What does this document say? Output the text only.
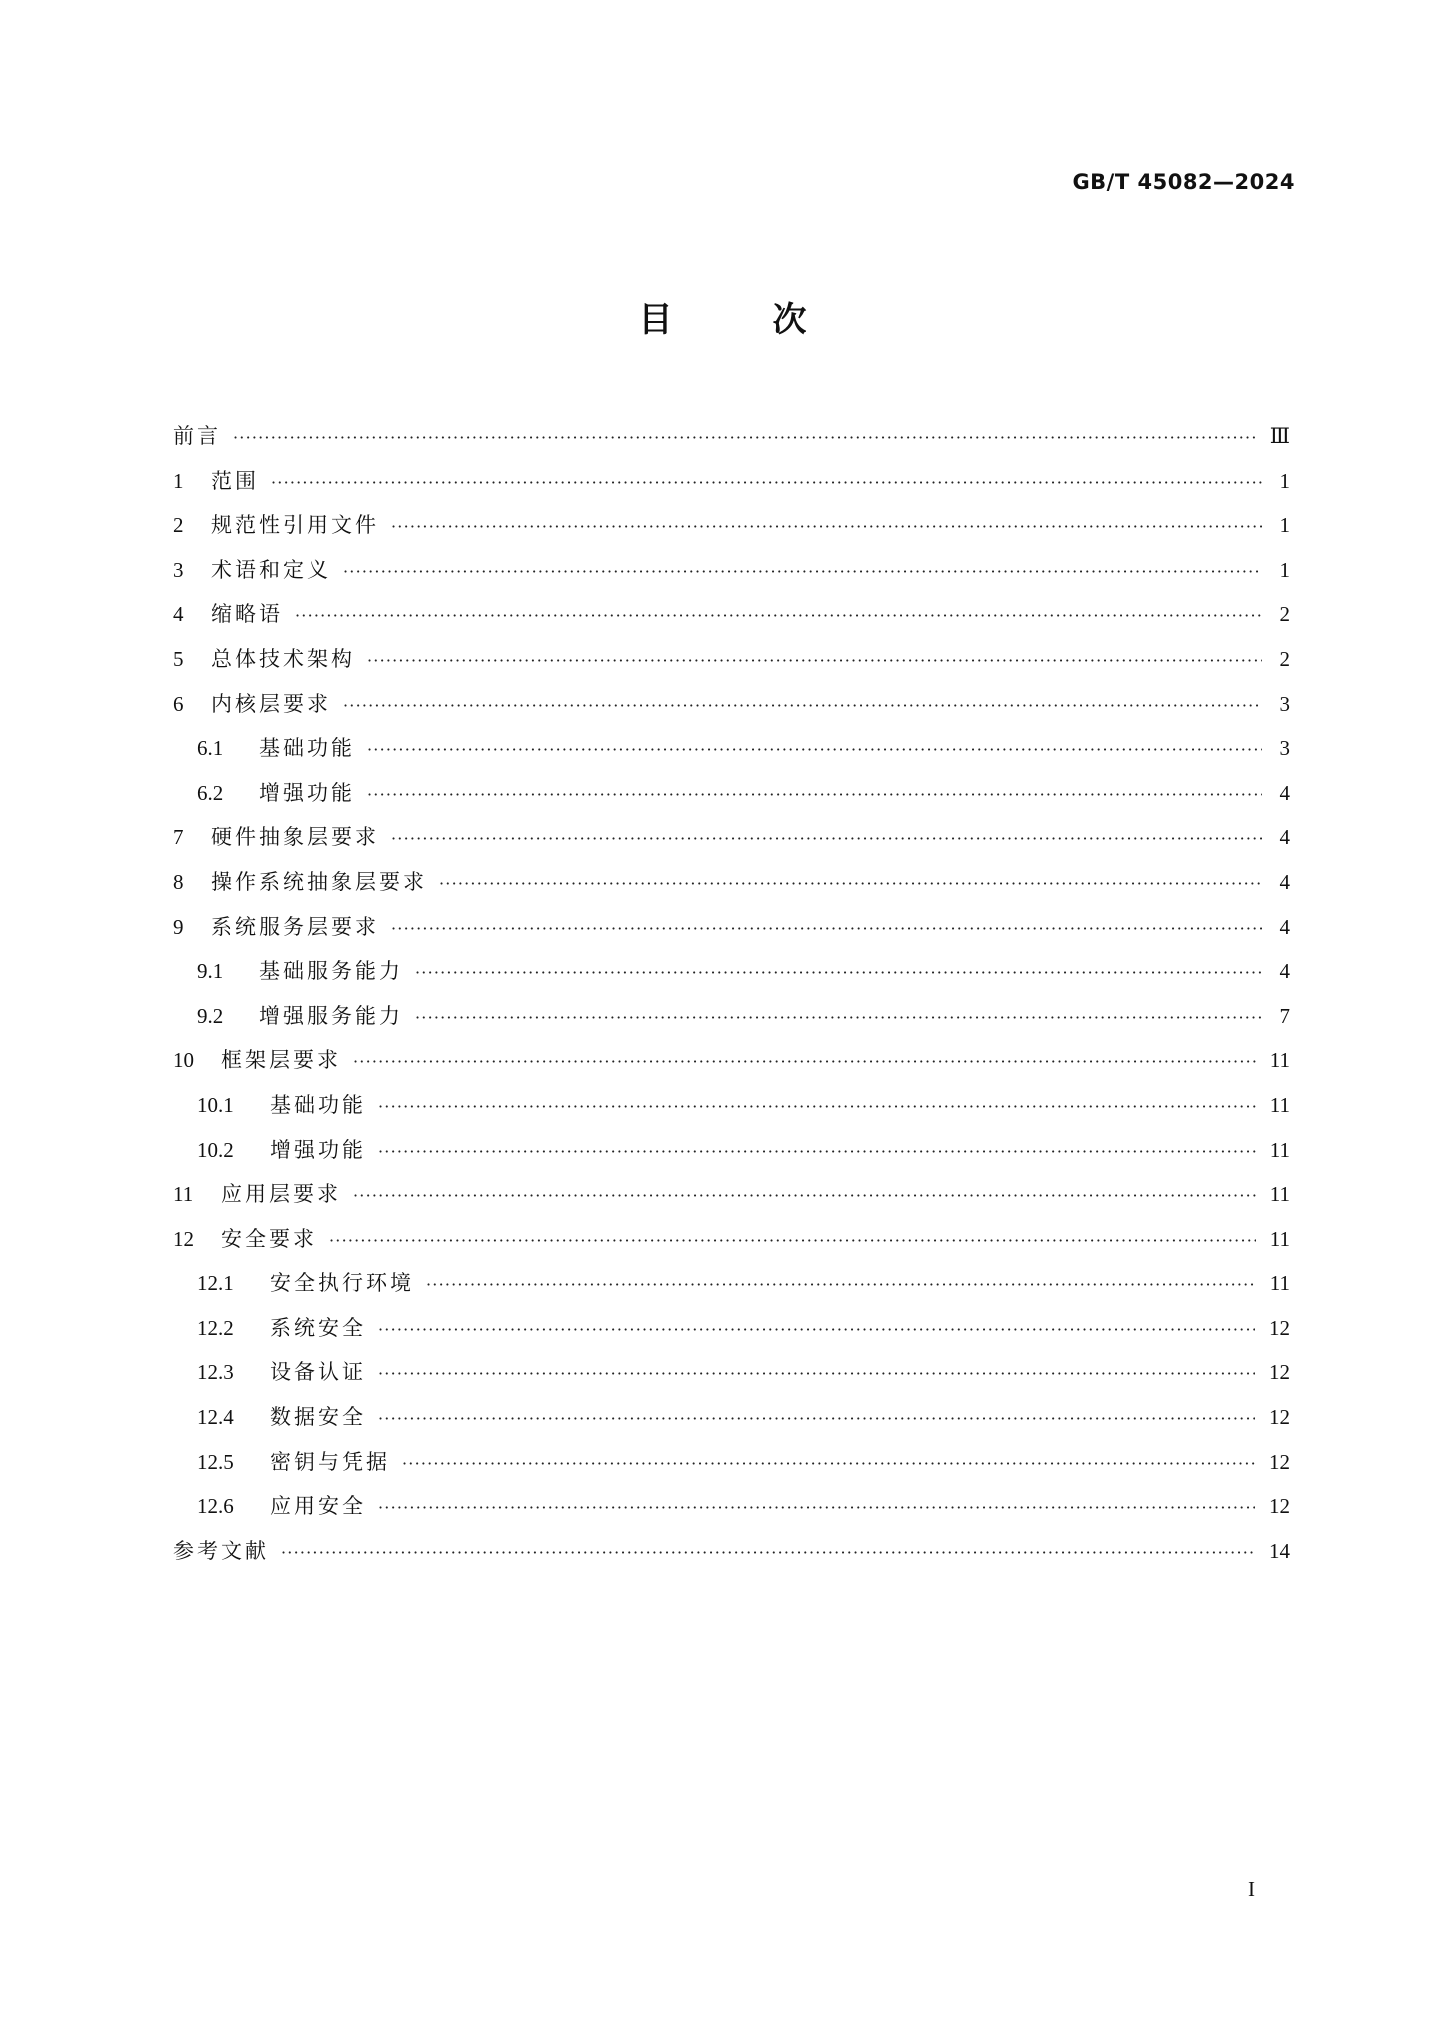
GB/T 45082—2024
目	次
前言 ·····	Ⅲ
1	范围 ·····	1
2	规范性引用文件 ·····	1
3	术语和定义 ·····	1
4	缩略语 ·····	2
5	总体技术架构 ·····	2
6	内核层要求 ·····	3
6.1	基础功能 ·····	3
6.2	增强功能 ·····	4
7	硬件抽象层要求 ·····	4
8	操作系统抽象层要求 ·····	4
9	系统服务层要求 ·····	4
9.1	基础服务能力 ·····	4
9.2	增强服务能力 ·····	7
10	框架层要求 ·····	11
10.1	基础功能 ·····	11
10.2	增强功能 ·····	11
11	应用层要求 ·····	11
12	安全要求 ·····	11
12.1	安全执行环境 ·····	11
12.2	系统安全 ·····	12
12.3	设备认证 ·····	12
12.4	数据安全 ·····	12
12.5	密钥与凭据 ·····	12
12.6	应用安全 ·····	12
参考文献 ·····	14
I
